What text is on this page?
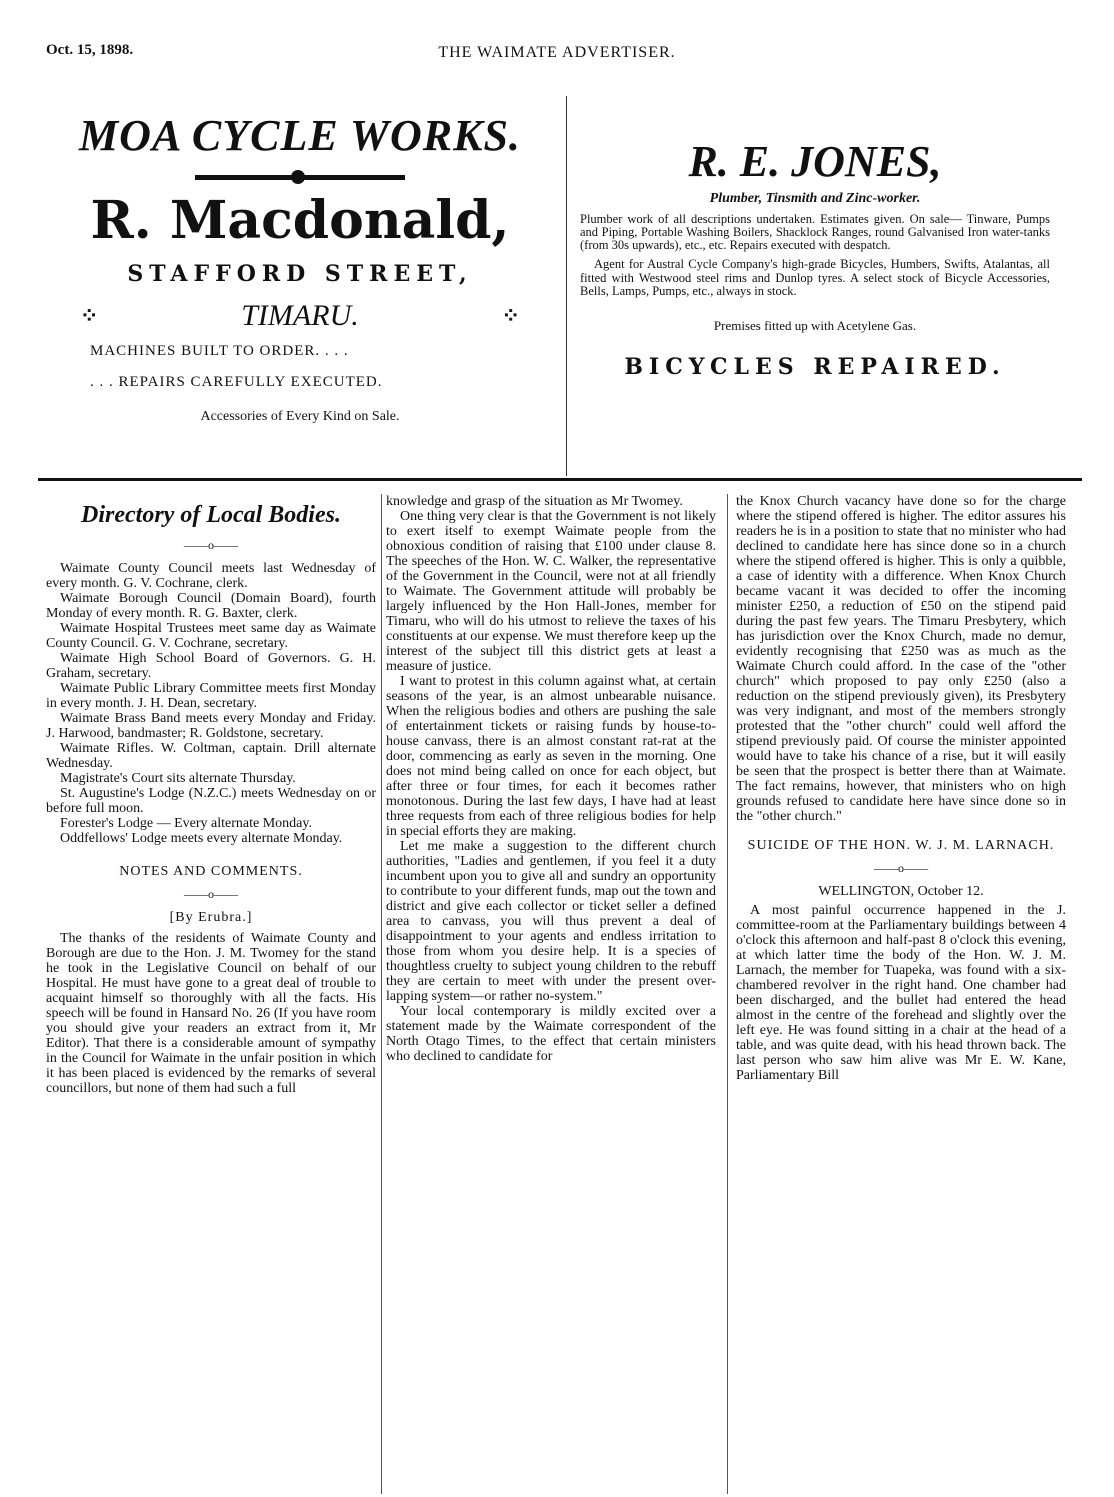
Oct. 15, 1898.	THE WAIMATE ADVERTISER.
MOA CYCLE WORKS.
R. Macdonald,
STAFFORD STREET,
⁘	TIMARU.	⁘
MACHINES BUILT TO ORDER. . . .
. . . REPAIRS CAREFULLY EXECUTED.
Accessories of Every Kind on Sale.
R. E. JONES,
Plumber, Tinsmith and Zinc-worker.

Plumber work of all descriptions undertaken. Estimates given. On sale— Tinware, Pumps and Piping, Portable Washing Boilers, Shacklock Ranges, round Galvanised Iron water-tanks (from 30s upwards), etc., etc. Repairs executed with despatch.

Agent for Austral Cycle Company's high-grade Bicycles, Humbers, Swifts, Atalantas, all fitted with Westwood steel rims and Dunlop tyres. A select stock of Bicycle Accessories, Bells, Lamps, Pumps, etc., always in stock.

Premises fitted up with Acetylene Gas.
BICYCLES REPAIRED.
Directory of Local Bodies.
——o——

Waimate County Council meets last Wednesday of every month. G. V. Cochrane, clerk.

Waimate Borough Council (Domain Board), fourth Monday of every month. R. G. Baxter, clerk.

Waimate Hospital Trustees meet same day as Waimate County Council. G. V. Cochrane, secretary.

Waimate High School Board of Governors. G. H. Graham, secretary.

Waimate Public Library Committee meets first Monday in every month. J. H. Dean, secretary.

Waimate Brass Band meets every Monday and Friday. J. Harwood, bandmaster; R. Goldstone, secretary.

Waimate Rifles. W. Coltman, captain. Drill alternate Wednesday.

Magistrate's Court sits alternate Thursday.

St. Augustine's Lodge (N.Z.C.) meets Wednesday on or before full moon.

Forester's Lodge — Every alternate Monday.

Oddfellows' Lodge meets every alternate Monday.

NOTES AND COMMENTS.
——o——
[By Erubra.]

The thanks of the residents of Waimate County and Borough are due to the Hon. J. M. Twomey for the stand he took in the Legislative Council on behalf of our Hospital. He must have gone to a great deal of trouble to acquaint himself so thoroughly with all the facts. His speech will be found in Hansard No. 26 (If you have room you should give your readers an extract from it, Mr Editor). That there is a considerable amount of sympathy in the Council for Waimate in the unfair position in which it has been placed is evidenced by the remarks of several councillors, but none of them had such a full

knowledge and grasp of the situation as Mr Twomey.

One thing very clear is that the Government is not likely to exert itself to exempt Waimate people from the obnoxious condition of raising that £100 under clause 8. The speeches of the Hon. W. C. Walker, the representative of the Government in the Council, were not at all friendly to Waimate. The Government attitude will probably be largely influenced by the Hon Hall-Jones, member for Timaru, who will do his utmost to relieve the taxes of his constituents at our expense. We must therefore keep up the interest of the subject till this district gets at least a measure of justice.

I want to protest in this column against what, at certain seasons of the year, is an almost unbearable nuisance. When the religious bodies and others are pushing the sale of entertainment tickets or raising funds by house-to-house canvass, there is an almost constant rat-rat at the door, commencing as early as seven in the morning. One does not mind being called on once for each object, but after three or four times, for each it becomes rather monotonous. During the last few days, I have had at least three requests from each of three religious bodies for help in special efforts they are making.

Let me make a suggestion to the different church authorities, "Ladies and gentlemen, if you feel it a duty incumbent upon you to give all and sundry an opportunity to contribute to your different funds, map out the town and district and give each collector or ticket seller a defined area to canvass, you will thus prevent a deal of disappointment to your agents and endless irritation to those from whom you desire help. It is a species of thoughtless cruelty to subject young children to the rebuff they are certain to meet with under the present over-lapping system—or rather no-system."

Your local contemporary is mildly excited over a statement made by the Waimate correspondent of the North Otago Times, to the effect that certain ministers who declined to candidate for

the Knox Church vacancy have done so for the charge where the stipend offered is higher. The editor assures his readers he is in a position to state that no minister who had declined to candidate here has since done so in a church where the stipend offered is higher. This is only a quibble, a case of identity with a difference. When Knox Church became vacant it was decided to offer the incoming minister £250, a reduction of £50 on the stipend paid during the past few years. The Timaru Presbytery, which has jurisdiction over the Knox Church, made no demur, evidently recognising that £250 was as much as the Waimate Church could afford. In the case of the "other church" which proposed to pay only £250 (also a reduction on the stipend previously given), its Presbytery was very indignant, and most of the members strongly protested that the "other church" could well afford the stipend previously paid. Of course the minister appointed would have to take his chance of a rise, but it will easily be seen that the prospect is better there than at Waimate. The fact remains, however, that ministers who on high grounds refused to candidate here have since done so in the "other church."

SUICIDE OF THE HON. W. J. M. LARNACH.
——o——
WELLINGTON, October 12.

A most painful occurrence happened in the J. committee-room at the Parliamentary buildings between 4 o'clock this afternoon and half-past 8 o'clock this evening, at which latter time the body of the Hon. W. J. M. Larnach, the member for Tuapeka, was found with a six-chambered revolver in the right hand. One chamber had been discharged, and the bullet had entered the head almost in the centre of the forehead and slightly over the left eye. He was found sitting in a chair at the head of a table, and was quite dead, with his head thrown back. The last person who saw him alive was Mr E. W. Kane, Parliamentary Bill
